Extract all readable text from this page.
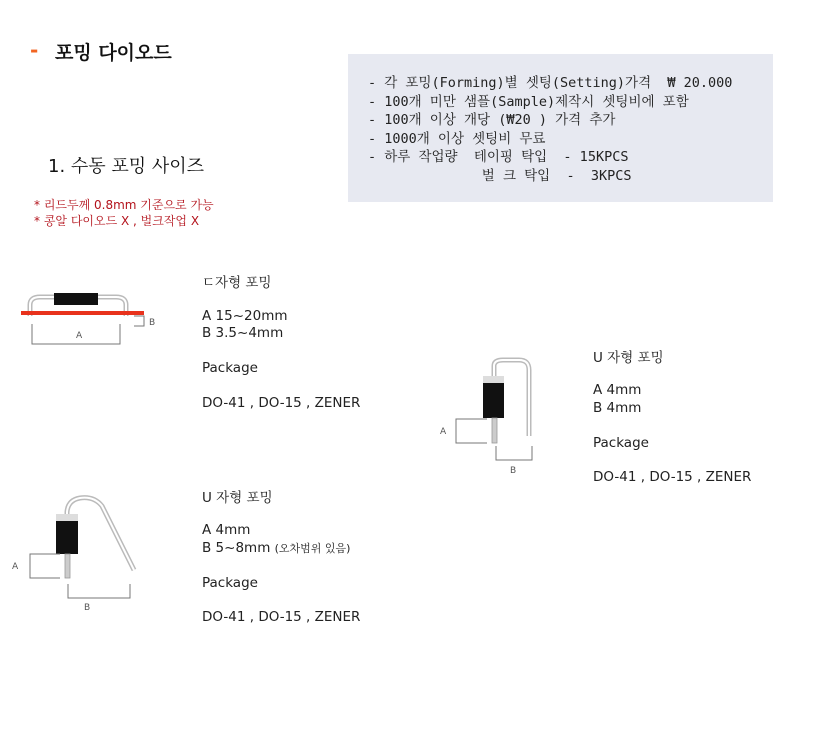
- 포밍 다이오드
- 각 포밍(Forming)별 셋팅(Setting)가격  ₩ 20.000
- 100개 미만 샘플(Sample)제작시 셋팅비에 포함
- 100개 이상 개당 (₩20 ) 가격 추가
- 1000개 이상 셋팅비 무료
- 하루 작업량  테이핑 탁입  - 15KPCS
벌 크 탁입  -  3KPCS
1. 수동 포밍 사이즈
* 리드두께 0.8mm 기준으로 가능
* 콩알 다이오드 X , 벌크작업 X
A
B
ㄷ자형 포밍
A 15~20mm
B 3.5~4mm
Package
DO-41 , DO-15 , ZENER
A
B
U 자형 포밍
A 4mm
B 4mm
Package
DO-41 , DO-15 , ZENER
A
B
U 자형 포밍
A 4mm
B 5~8mm (오차범위 있음)
Package
DO-41 , DO-15 , ZENER
